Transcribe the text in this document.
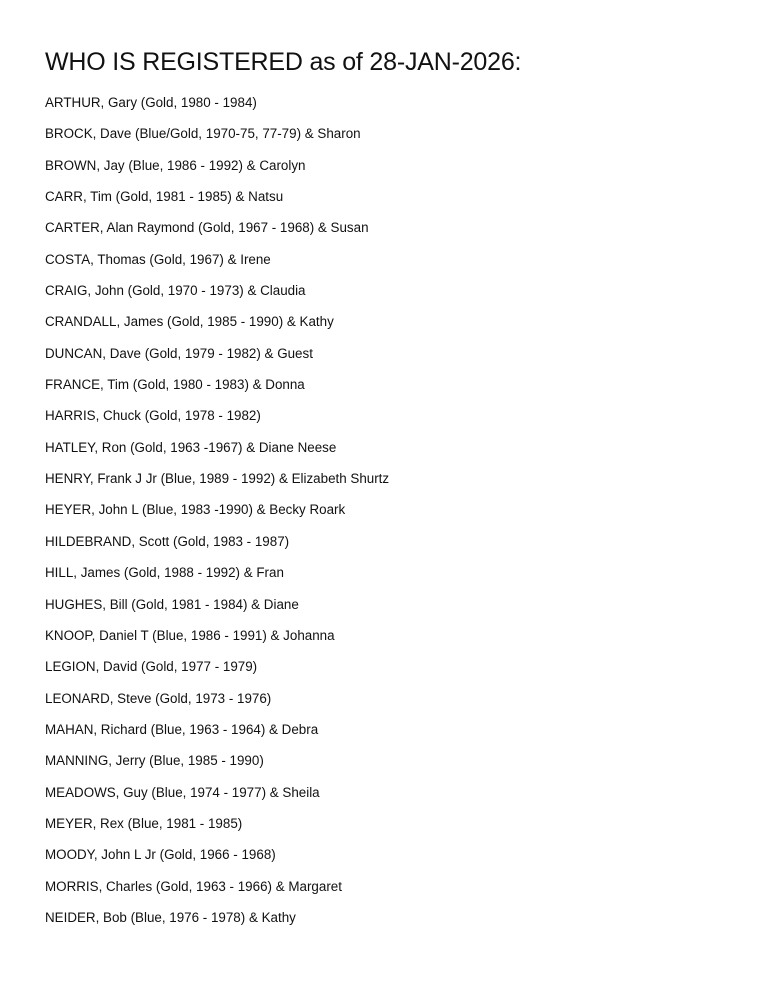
WHO IS REGISTERED as of 28-JAN-2026:
ARTHUR, Gary (Gold, 1980 - 1984)
BROCK, Dave (Blue/Gold, 1970-75, 77-79) & Sharon
BROWN, Jay (Blue, 1986 - 1992) & Carolyn
CARR, Tim (Gold, 1981 - 1985) & Natsu
CARTER, Alan Raymond (Gold, 1967 - 1968) & Susan
COSTA, Thomas (Gold, 1967) & Irene
CRAIG, John (Gold, 1970 - 1973) & Claudia
CRANDALL, James (Gold, 1985 - 1990) & Kathy
DUNCAN, Dave (Gold, 1979 - 1982) & Guest
FRANCE, Tim (Gold, 1980 - 1983) & Donna
HARRIS, Chuck (Gold, 1978 - 1982)
HATLEY, Ron (Gold, 1963 -1967) & Diane Neese
HENRY, Frank J Jr (Blue, 1989 - 1992) & Elizabeth Shurtz
HEYER, John L (Blue, 1983 -1990) & Becky Roark
HILDEBRAND, Scott (Gold, 1983 - 1987)
HILL, James (Gold, 1988 - 1992) & Fran
HUGHES, Bill (Gold, 1981 - 1984) & Diane
KNOOP, Daniel T (Blue, 1986 - 1991) & Johanna
LEGION, David (Gold, 1977 - 1979)
LEONARD, Steve (Gold, 1973 - 1976)
MAHAN, Richard (Blue, 1963 - 1964) & Debra
MANNING, Jerry (Blue, 1985 - 1990)
MEADOWS, Guy (Blue, 1974 - 1977) & Sheila
MEYER, Rex (Blue, 1981 - 1985)
MOODY, John L Jr (Gold, 1966 - 1968)
MORRIS, Charles (Gold, 1963 - 1966) & Margaret
NEIDER, Bob (Blue, 1976 - 1978) & Kathy
